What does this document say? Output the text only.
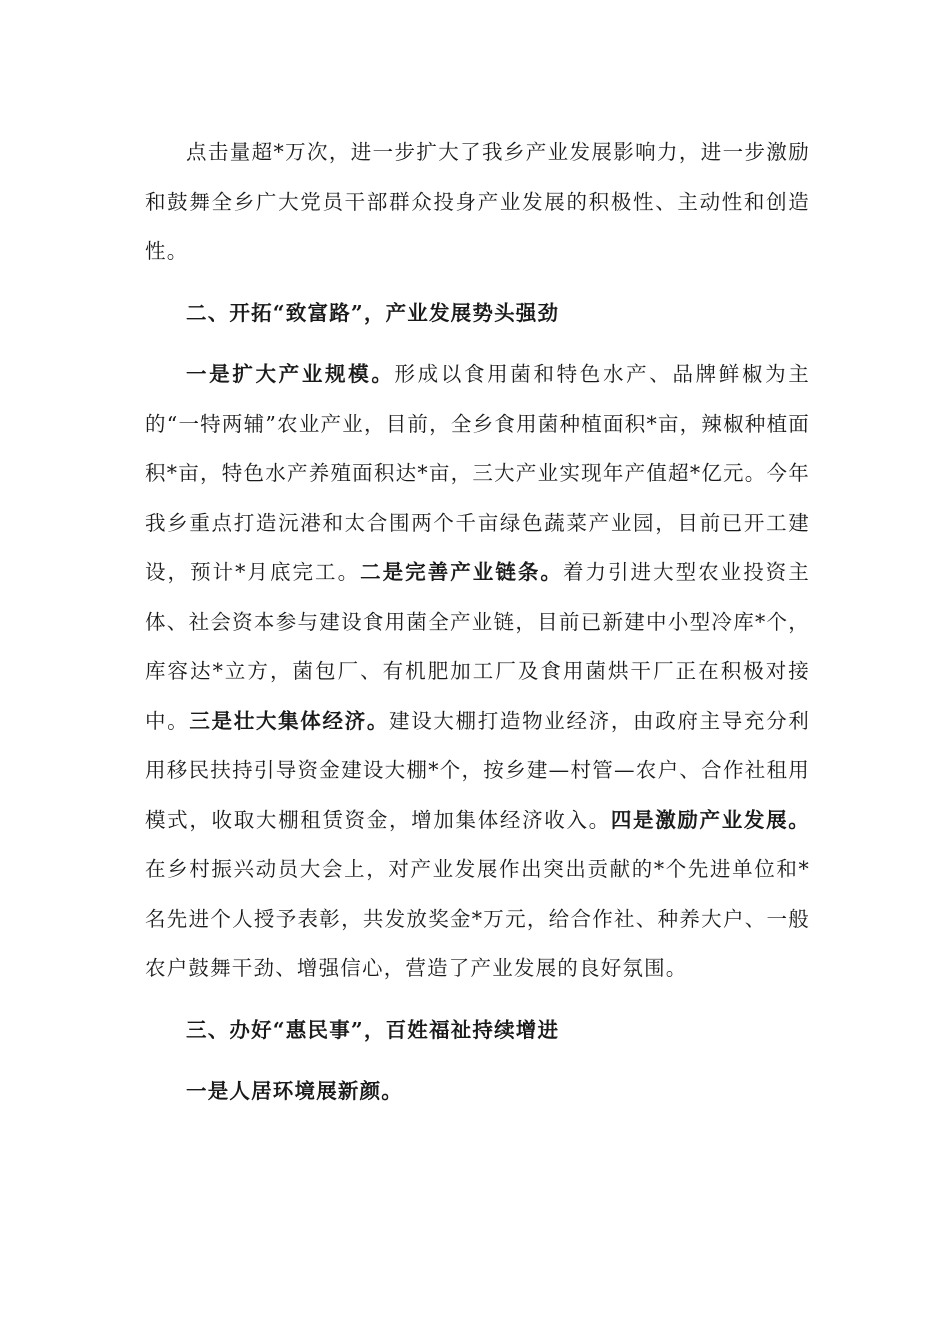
点击量超*万次，进一步扩大了我乡产业发展影响力，进一步激励和鼓舞全乡广大党员干部群众投身产业发展的积极性、主动性和创造性。

二、开拓“致富路”，产业发展势头强劲

一是扩大产业规模。形成以食用菌和特色水产、品牌鲜椒为主的“一特两辅”农业产业，目前，全乡食用菌种植面积*亩，辣椒种植面积*亩，特色水产养殖面积达*亩，三大产业实现年产值超*亿元。今年我乡重点打造沅港和太合围两个千亩绿色蔬菜产业园，目前已开工建设，预计*月底完工。二是完善产业链条。着力引进大型农业投资主体、社会资本参与建设食用菌全产业链，目前已新建中小型冷库*个，库容达*立方，菌包厂、有机肥加工厂及食用菌烘干厂正在积极对接中。三是壮大集体经济。建设大棚打造物业经济，由政府主导充分利用移民扶持引导资金建设大棚*个，按乡建—村管—农户、合作社租用模式，收取大棚租赁资金，增加集体经济收入。四是激励产业发展。在乡村振兴动员大会上，对产业发展作出突出贡献的*个先进单位和*名先进个人授予表彰，共发放奖金*万元，给合作社、种养大户、一般农户鼓舞干劲、增强信心，营造了产业发展的良好氛围。

三、办好“惠民事”，百姓福祉持续增进

一是人居环境展新颜。
